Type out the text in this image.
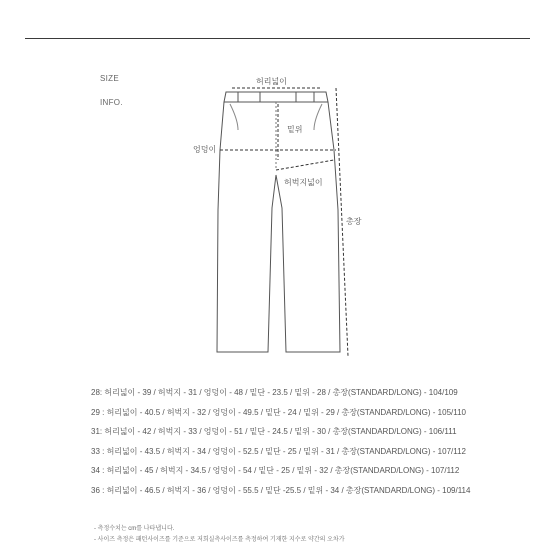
SIZE
INFO.
허리넓이
밑위
엉덩이
허벅지넓이
총장
28: 허리넓이 - 39 / 허벅지 - 31 / 엉덩이 - 48 / 밑단 - 23.5 / 밑위 - 28 / 총장(STANDARD/LONG) - 104/109
29 : 허리넓이 - 40.5 / 허벅지 - 32 / 엉덩이 - 49.5 / 밑단 - 24 / 밑위 - 29 / 총장(STANDARD/LONG) - 105/110
31: 허리넓이 - 42 / 허벅지 - 33 / 엉덩이 - 51 / 밑단 - 24.5 / 밑위 - 30 / 총장(STANDARD/LONG) - 106/111
33 : 허리넓이 - 43.5 / 허벅지 - 34 / 엉덩이 - 52.5 / 밑단 - 25 / 밑위 - 31 / 총장(STANDARD/LONG) - 107/112
34 : 허리넓이 - 45 / 허벅지 - 34.5 / 엉덩이 - 54 / 밑단 - 25 / 밑위 - 32 / 총장(STANDARD/LONG) - 107/112
36 : 허리넓이 - 46.5 / 허벅지 - 36 / 엉덩이 - 55.5 / 밑단 -25.5 / 밑위 - 34 / 총장(STANDARD/LONG) - 109/114
- 측정수치는 cm를 나타냅니다.
- 사이즈 측정은 패턴사이즈를 기준으로 저희실측사이즈를 측정하여 기재한 지수로 약간의 오차가
